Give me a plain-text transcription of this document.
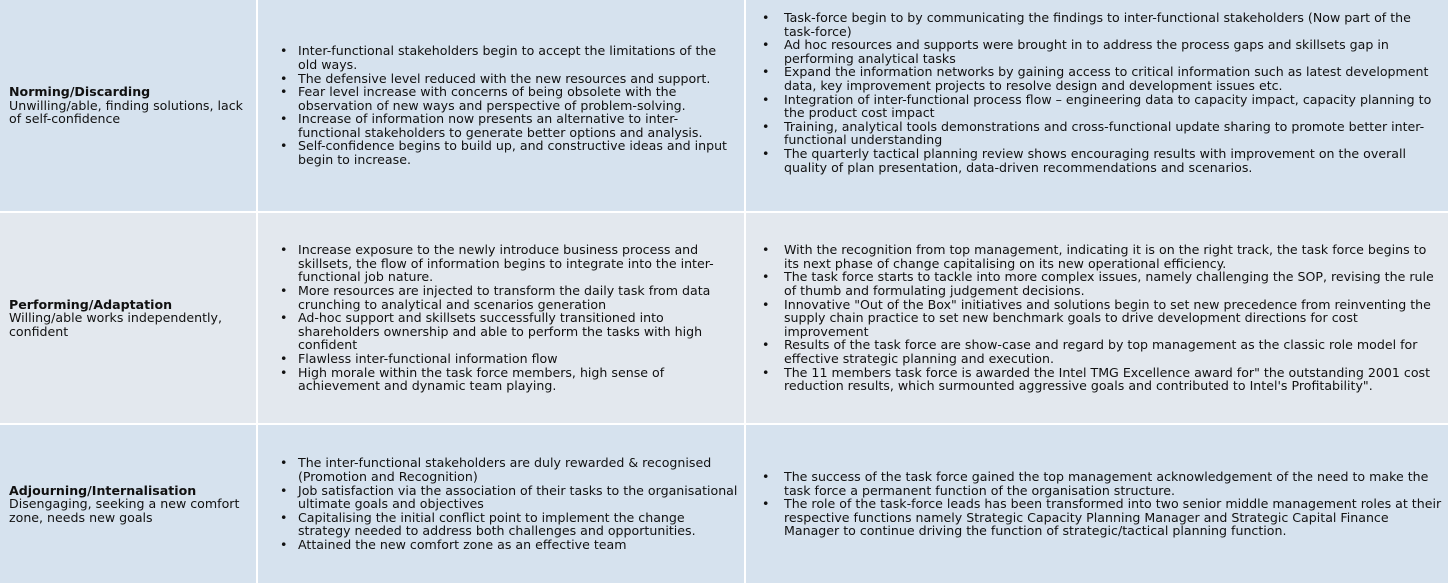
Norming/Discarding
Unwilling/able, finding solutions, lack of self-confidence
• Inter-functional stakeholders begin to accept the limitations of the old ways.
• The defensive level reduced with the new resources and support.
• Fear level increase with concerns of being obsolete with the observation of new ways and perspective of problem-solving.
• Increase of information now presents an alternative to inter-functional stakeholders to generate better options and analysis.
• Self-confidence begins to build up, and constructive ideas and input begin to increase.
• Task-force begin to by communicating the findings to inter-functional stakeholders (Now part of the task-force)
• Ad hoc resources and supports were brought in to address the process gaps and skillsets gap in performing analytical tasks
• Expand the information networks by gaining access to critical information such as latest development data, key improvement projects to resolve design and development issues etc.
• Integration of inter-functional process flow – engineering data to capacity impact, capacity planning to the product cost impact
• Training, analytical tools demonstrations and cross-functional update sharing to promote better inter-functional understanding
• The quarterly tactical planning review shows encouraging results with improvement on the overall quality of plan presentation, data-driven recommendations and scenarios.
Performing/Adaptation
Willing/able works independently, confident
• Increase exposure to the newly introduce business process and skillsets, the flow of information begins to integrate into the inter-functional job nature.
• More resources are injected to transform the daily task from data crunching to analytical and scenarios generation
• Ad-hoc support and skillsets successfully transitioned into shareholders ownership and able to perform the tasks with high confident
• Flawless inter-functional information flow
• High morale within the task force members, high sense of achievement and dynamic team playing.
• With the recognition from top management, indicating it is on the right track, the task force begins to its next phase of change capitalising on its new operational efficiency.
• The task force starts to tackle into more complex issues, namely challenging the SOP, revising the rule of thumb and formulating judgement decisions.
• Innovative "Out of the Box" initiatives and solutions begin to set new precedence from reinventing the supply chain practice to set new benchmark goals to drive development directions for cost improvement
• Results of the task force are show-case and regard by top management as the classic role model for effective strategic planning and execution.
• The 11 members task force is awarded the Intel TMG Excellence award for" the outstanding 2001 cost reduction results, which surmounted aggressive goals and contributed to Intel's Profitability".
Adjourning/Internalisation
Disengaging, seeking a new comfort zone, needs new goals
• The inter-functional stakeholders are duly rewarded & recognised (Promotion and Recognition)
• Job satisfaction via the association of their tasks to the organisational ultimate goals and objectives
• Capitalising the initial conflict point to implement the change strategy needed to address both challenges and opportunities.
• Attained the new comfort zone as an effective team
• The success of the task force gained the top management acknowledgement of the need to make the task force a permanent function of the organisation structure.
• The role of the task-force leads has been transformed into two senior middle management roles at their respective functions namely Strategic Capacity Planning Manager and Strategic Capital Finance Manager to continue driving the function of strategic/tactical planning function.
